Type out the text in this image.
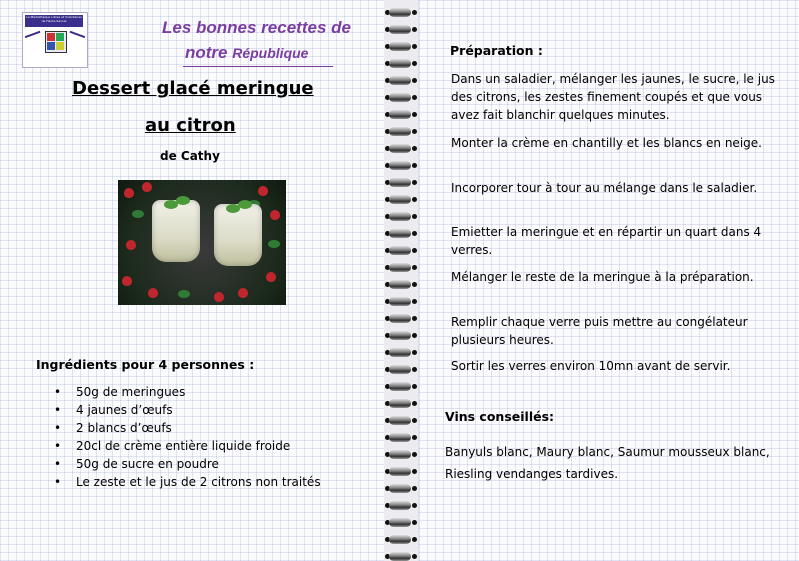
La Médiathèque Libres et Volontaires de Haute-Savoie	Les bonnes recettes de
notre République
Dessert glacé meringue
au citron
de Cathy
Ingrédients pour 4 personnes :
• 50g de meringues
• 4 jaunes d’œufs
• 2 blancs d’œufs
• 20cl de crème entière liquide froide
• 50g de sucre en poudre
• Le zeste et le jus de 2 citrons non traités
Préparation :
Dans un saladier, mélanger les jaunes, le sucre, le jus des citrons, les zestes finement coupés et que vous avez fait blanchir quelques minutes.
Monter la crème en chantilly et les blancs en neige.
Incorporer tour à tour au mélange dans le saladier.
Emietter la meringue et en répartir un quart dans 4 verres.
Mélanger le reste de la meringue à la préparation.
Remplir chaque verre puis mettre au congélateur plusieurs heures.
Sortir les verres environ 10mn avant de servir.
Vins conseillés:
Banyuls blanc, Maury blanc, Saumur mousseux blanc, Riesling vendanges tardives.
